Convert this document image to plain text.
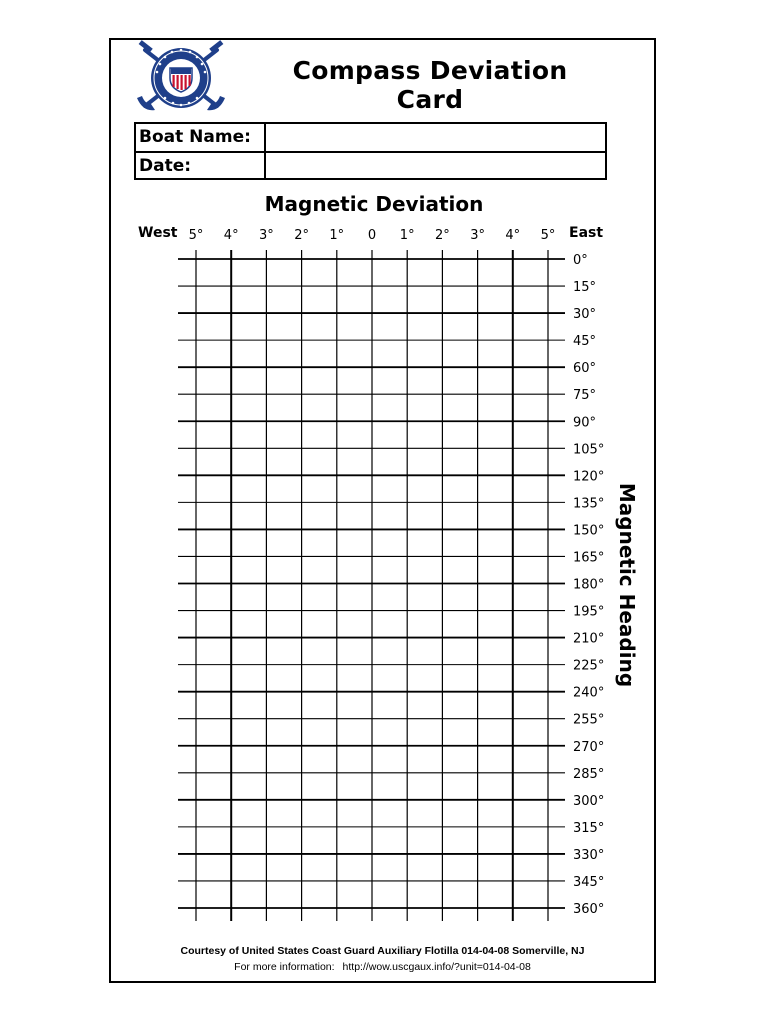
Compass Deviation Card
Boat Name:
Date:
Magnetic Deviation
West	East
5° 4° 3° 2° 1° 0 1° 2° 3° 4° 5°
0°
15°
30°
45°
60°
75°
90°
105°
120°
135°
150°
165°
180°
195°
210°
225°
240°
255°
270°
285°
300°
315°
330°
345°
360°
Magnetic Heading
Courtesy of United States Coast Guard Auxiliary Flotilla 014-04-08 Somerville, NJ
For more information: http://wow.uscgaux.info/?unit=014-04-08
